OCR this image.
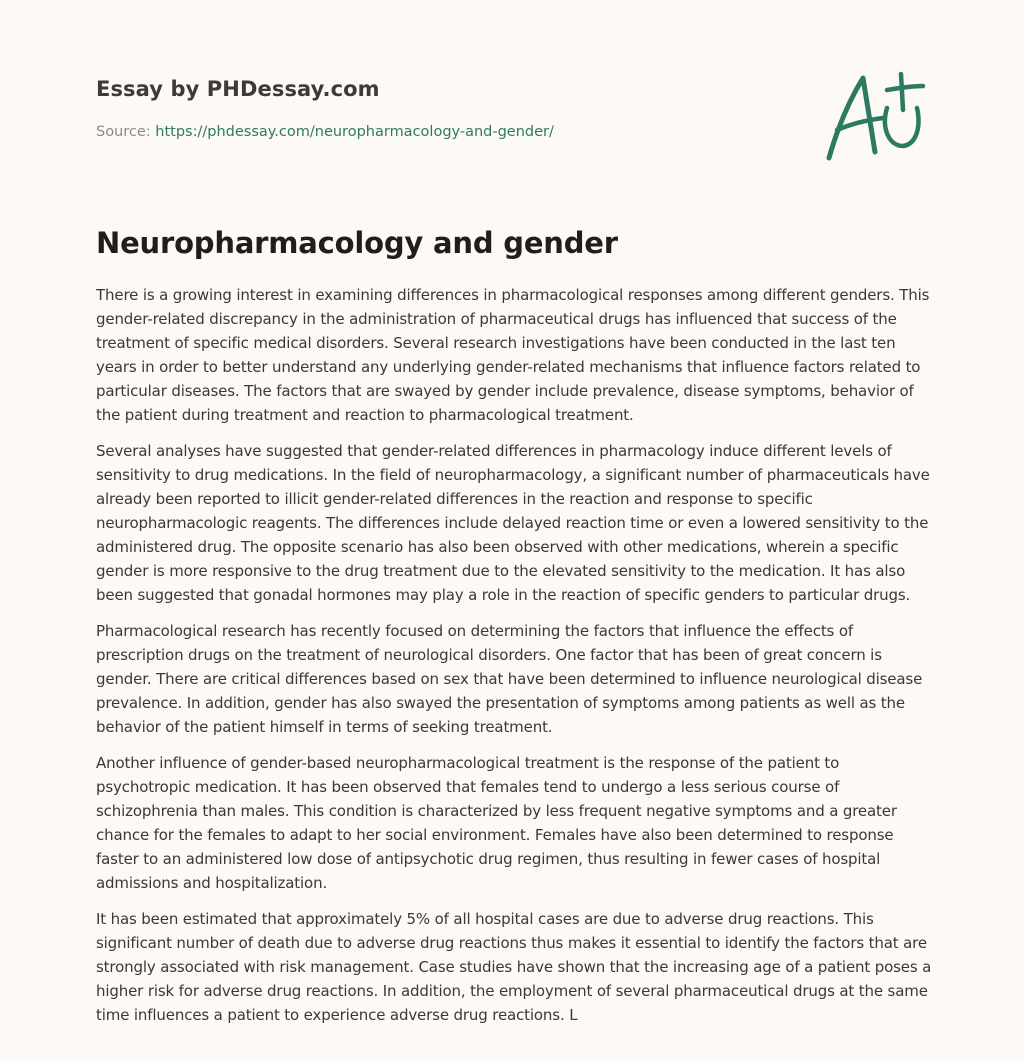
Essay by PHDessay.com
Source: https://phdessay.com/neuropharmacology-and-gender/
Neuropharmacology and gender

There is a growing interest in examining differences in pharmacological responses among different genders. This gender-related discrepancy in the administration of pharmaceutical drugs has influenced that success of the treatment of specific medical disorders. Several research investigations have been conducted in the last ten years in order to better understand any underlying gender-related mechanisms that influence factors related to particular diseases. The factors that are swayed by gender include prevalence, disease symptoms, behavior of the patient during treatment and reaction to pharmacological treatment.

Several analyses have suggested that gender-related differences in pharmacology induce different levels of sensitivity to drug medications. In the field of neuropharmacology, a significant number of pharmaceuticals have already been reported to illicit gender-related differences in the reaction and response to specific neuropharmacologic reagents. The differences include delayed reaction time or even a lowered sensitivity to the administered drug. The opposite scenario has also been observed with other medications, wherein a specific gender is more responsive to the drug treatment due to the elevated sensitivity to the medication. It has also been suggested that gonadal hormones may play a role in the reaction of specific genders to particular drugs.

Pharmacological research has recently focused on determining the factors that influence the effects of prescription drugs on the treatment of neurological disorders. One factor that has been of great concern is gender. There are critical differences based on sex that have been determined to influence neurological disease prevalence. In addition, gender has also swayed the presentation of symptoms among patients as well as the behavior of the patient himself in terms of seeking treatment.

Another influence of gender-based neuropharmacological treatment is the response of the patient to psychotropic medication. It has been observed that females tend to undergo a less serious course of schizophrenia than males. This condition is characterized by less frequent negative symptoms and a greater chance for the females to adapt to her social environment. Females have also been determined to response faster to an administered low dose of antipsychotic drug regimen, thus resulting in fewer cases of hospital admissions and hospitalization.

It has been estimated that approximately 5% of all hospital cases are due to adverse drug reactions. This significant number of death due to adverse drug reactions thus makes it essential to identify the factors that are strongly associated with risk management. Case studies have shown that the increasing age of a patient poses a higher risk for adverse drug reactions. In addition, the employment of several pharmaceutical drugs at the same time influences a patient to experience adverse drug reactions. L
